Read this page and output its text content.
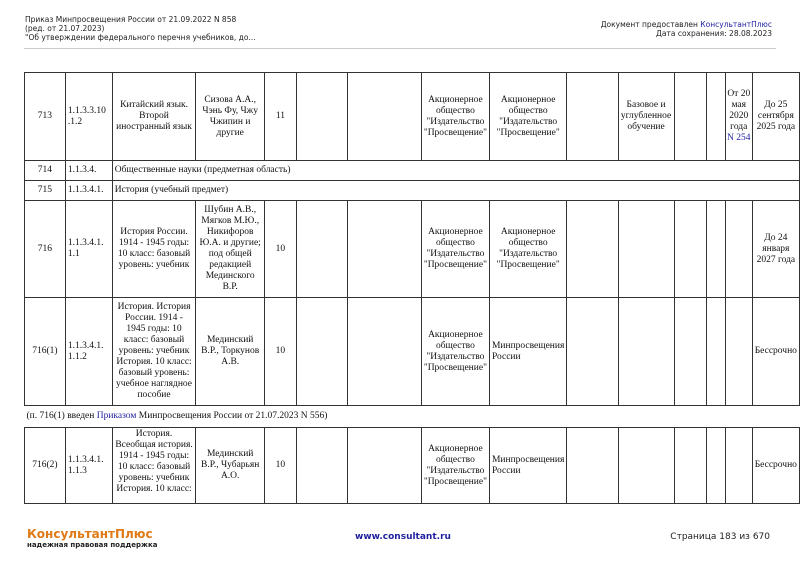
Приказ Минпросвещения России от 21.09.2022 N 858
(ред. от 21.07.2023)
"Об утверждении федерального перечня учебников, до...
Документ предоставлен КонсультантПлюс
Дата сохранения: 28.08.2023
713	1.1.3.3.10 .1.2	Китайский язык. Второй иностранный язык	Сизова А.А., Чэнь Фу, Чжу Чжипин и другие	11			Акционерное общество "Издательство "Просвещение"	Акционерное общество "Издательство "Просвещение"		Базовое и углубленное обучение			От 20 мая 2020 года
N 254	До 25 сентября 2025 года
714	1.1.3.4.	Общественные науки (предметная область)												
715	1.1.3.4.1.	История (учебный предмет)												
716	1.1.3.4.1. 1.1	История России. 1914 - 1945 годы: 10 класс: базовый уровень: учебник	Шубин А.В., Мягков М.Ю., Никифоров Ю.А. и другие; под общей редакцией Мединского В.Р.	10			Акционерное общество "Издательство "Просвещение"	Акционерное общество "Издательство "Просвещение"						До 24 января 2027 года
716(1)	1.1.3.4.1. 1.1.2	История. История России. 1914 - 1945 годы: 10 класс: базовый уровень: учебник История. 10 класс: базовый уровень: учебное наглядное пособие	Мединский В.Р., Торкунов А.В.	10			Акционерное общество "Издательство "Просвещение"	Минпросвещения России						Бессрочно
(п. 716(1) введен Приказом Минпросвещения России от 21.07.2023 N 556)														
716(2)	1.1.3.4.1. 1.1.3	История. Всеобщая история. 1914 - 1945 годы: 10 класс: базовый уровень: учебник История. 10 класс:	Мединский В.Р., Чубарьян А.О.	10			Акционерное общество "Издательство "Просвещение"	Минпросвещения России						Бессрочно
КонсультантПлюс
надежная правовая поддержка
www.consultant.ru	Страница 183 из 670
